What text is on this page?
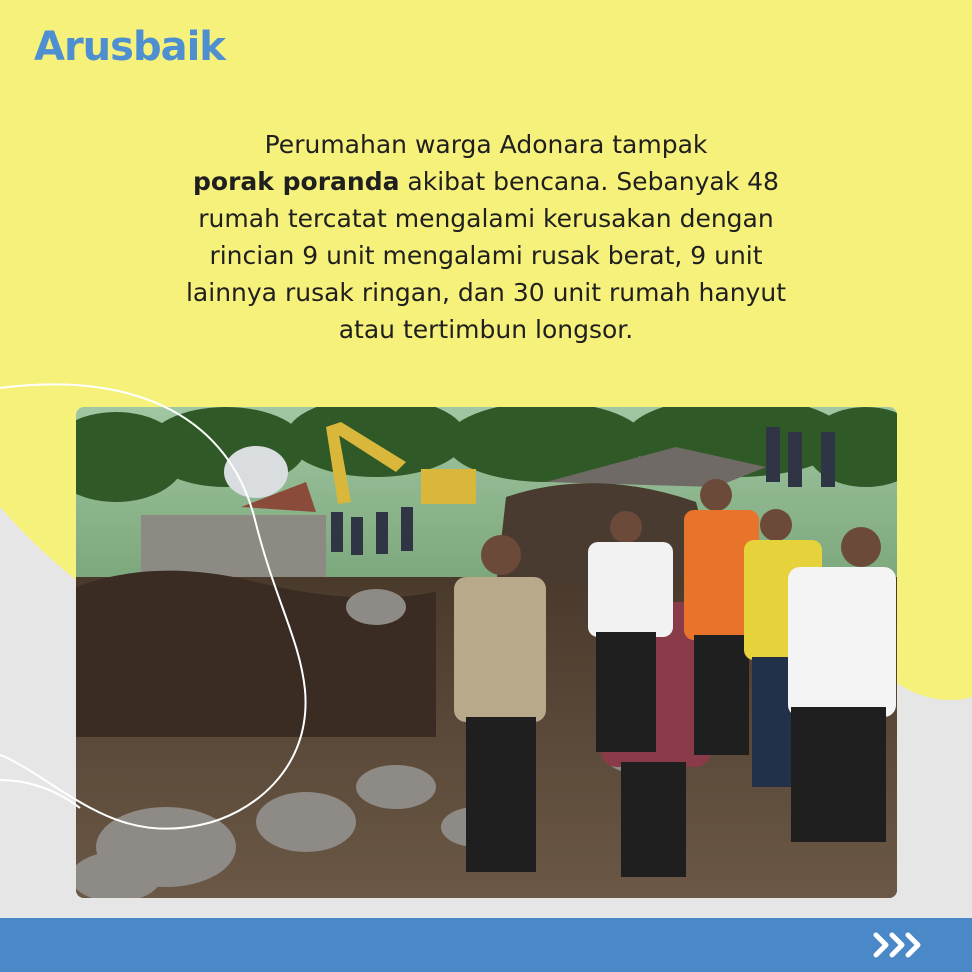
Arusbaik
Perumahan warga Adonara tampak
porak poranda akibat bencana. Sebanyak 48
rumah tercatat mengalami kerusakan dengan
rincian 9 unit mengalami rusak berat, 9 unit
lainnya rusak ringan, dan 30 unit rumah hanyut
atau tertimbun longsor.
